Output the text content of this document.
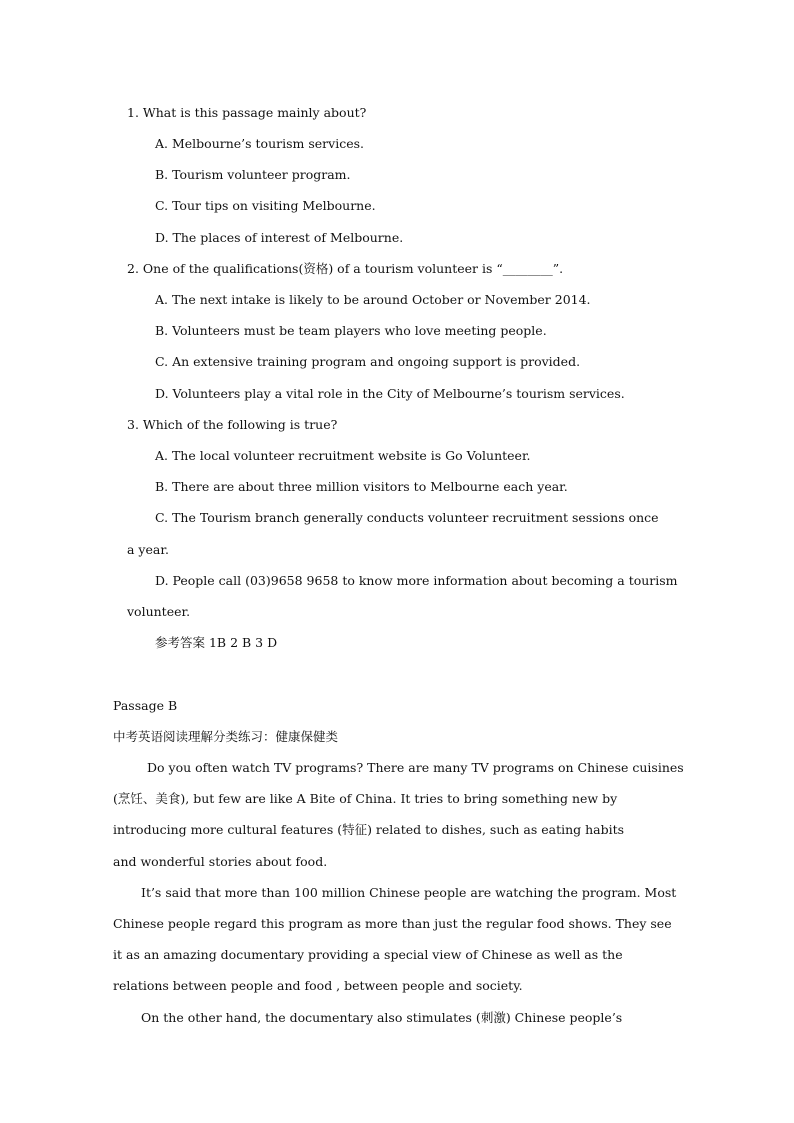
1. What is this passage mainly about?
A. Melbourne’s tourism services.
B. Tourism volunteer program.
C. Tour tips on visiting Melbourne.
D. The places of interest of Melbourne.
2. One of the qualifications(资格) of a tourism volunteer is “________”.
A. The next intake is likely to be around October or November 2014.
B. Volunteers must be team players who love meeting people.
C. An extensive training program and ongoing support is provided.
D. Volunteers play a vital role in the City of Melbourne’s tourism services.
3. Which of the following is true?
A. The local volunteer recruitment website is Go Volunteer.
B. There are about three million visitors to Melbourne each year.
C. The Tourism branch generally conducts volunteer recruitment sessions once
a year.
D. People call (03)9658 9658 to know more information about becoming a tourism
volunteer.
参考答案 1B 2 B 3 D
Passage B
中考英语阅读理解分类练习：健康保健类
Do you often watch TV programs? There are many TV programs on Chinese cuisines
(烹饪、美食), but few are like A Bite of China. It tries to bring something new by
introducing more cultural features (特征) related to dishes, such as eating habits
and wonderful stories about food.
It’s said that more than 100 million Chinese people are watching the program. Most
Chinese people regard this program as more than just the regular food shows. They see
it as an amazing documentary providing a special view of Chinese as well as the
relations between people and food , between people and society.
On the other hand, the documentary also stimulates (刺激) Chinese people’s
